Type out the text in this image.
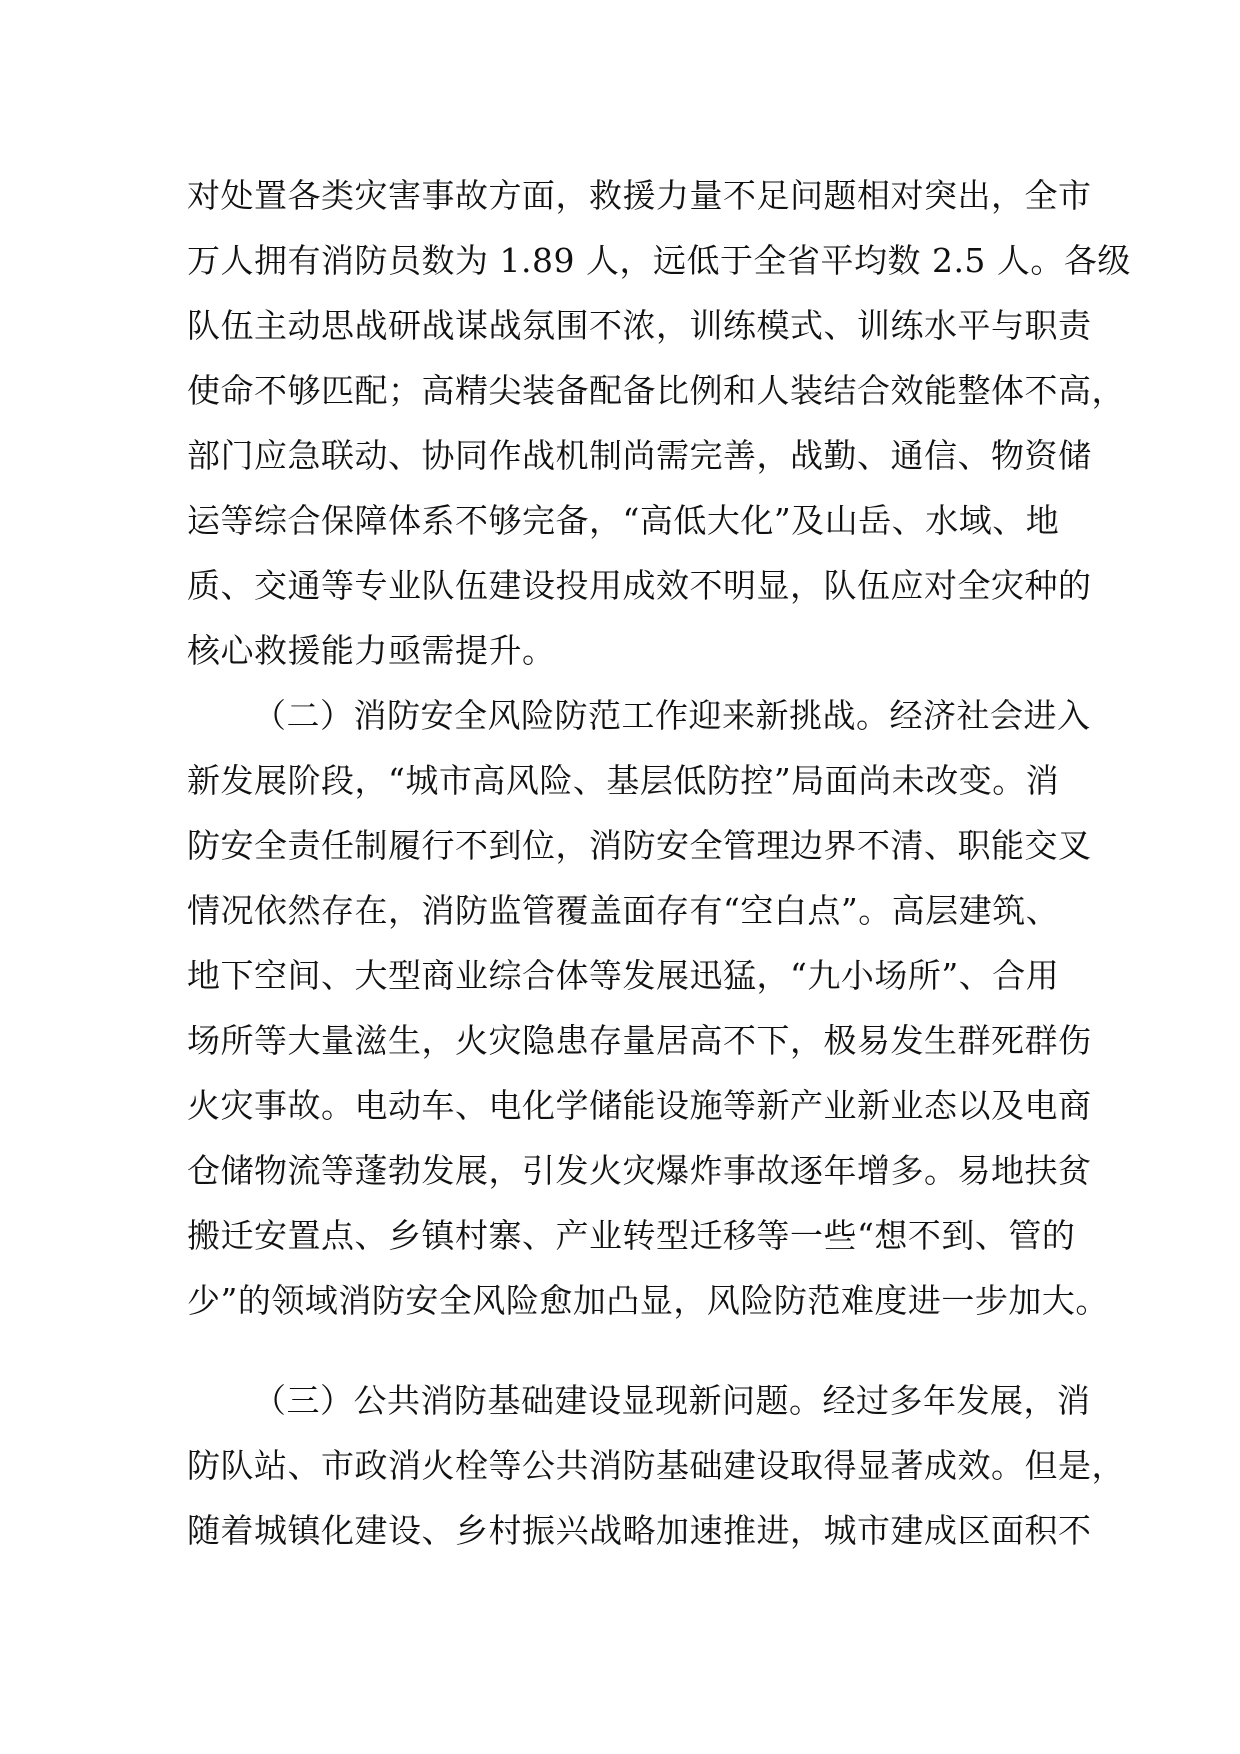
对处置各类灾害事故方面，救援力量不足问题相对突出，全市
万人拥有消防员数为 1.89 人，远低于全省平均数 2.5 人。各级
队伍主动思战研战谋战氛围不浓，训练模式、训练水平与职责
使命不够匹配；高精尖装备配备比例和人装结合效能整体不高，
部门应急联动、协同作战机制尚需完善，战勤、通信、物资储
运等综合保障体系不够完备，“高低大化”及山岳、水域、地
质、交通等专业队伍建设投用成效不明显，队伍应对全灾种的
核心救援能力亟需提升。
（二）消防安全风险防范工作迎来新挑战。经济社会进入
新发展阶段，“城市高风险、基层低防控”局面尚未改变。消
防安全责任制履行不到位，消防安全管理边界不清、职能交叉
情况依然存在，消防监管覆盖面存有“空白点”。高层建筑、
地下空间、大型商业综合体等发展迅猛，“九小场所”、合用
场所等大量滋生，火灾隐患存量居高不下，极易发生群死群伤
火灾事故。电动车、电化学储能设施等新产业新业态以及电商
仓储物流等蓬勃发展，引发火灾爆炸事故逐年增多。易地扶贫
搬迁安置点、乡镇村寨、产业转型迁移等一些“想不到、管的
少”的领域消防安全风险愈加凸显，风险防范难度进一步加大。
（三）公共消防基础建设显现新问题。经过多年发展，消
防队站、市政消火栓等公共消防基础建设取得显著成效。但是，
随着城镇化建设、乡村振兴战略加速推进，城市建成区面积不
